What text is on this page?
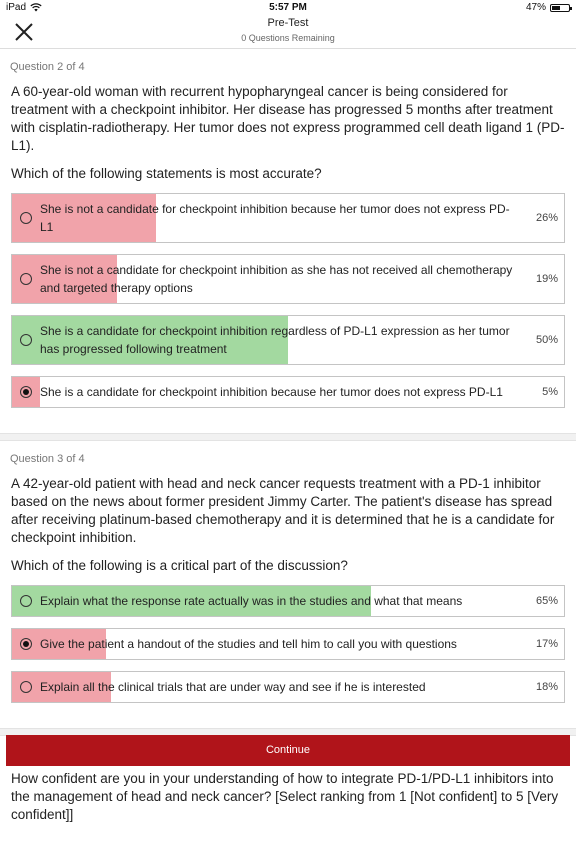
iPad	5:57 PM	47%
Pre-Test
0 Questions Remaining
Question 2 of 4
A 60-year-old woman with recurrent hypopharyngeal cancer is being considered for treatment with a checkpoint inhibitor. Her disease has progressed 5 months after treatment with cisplatin-radiotherapy. Her tumor does not express programmed cell death ligand 1 (PD-L1).
Which of the following statements is most accurate?
She is not a candidate for checkpoint inhibition because her tumor does not express PD-L1
26%
She is not a candidate for checkpoint inhibition as she has not received all chemotherapy and targeted therapy options
19%
She is a candidate for checkpoint inhibition regardless of PD-L1 expression as her tumor has progressed following treatment
50%
She is a candidate for checkpoint inhibition because her tumor does not express PD-L1	5%
Question 3 of 4
A 42-year-old patient with head and neck cancer requests treatment with a PD-1 inhibitor based on the news about former president Jimmy Carter. The patient's disease has spread after receiving platinum-based chemotherapy and it is determined that he is a candidate for checkpoint inhibition.
Which of the following is a critical part of the discussion?
Explain what the response rate actually was in the studies and what that means	65%
Give the patient a handout of the studies and tell him to call you with questions	17%
Explain all the clinical trials that are under way and see if he is interested	18%
How confident are you in your understanding of how to integrate PD-1/PD-L1 inhibitors into the management of head and neck cancer? [Select ranking from 1 [Not confident] to 5 [Very confident]]
Continue
